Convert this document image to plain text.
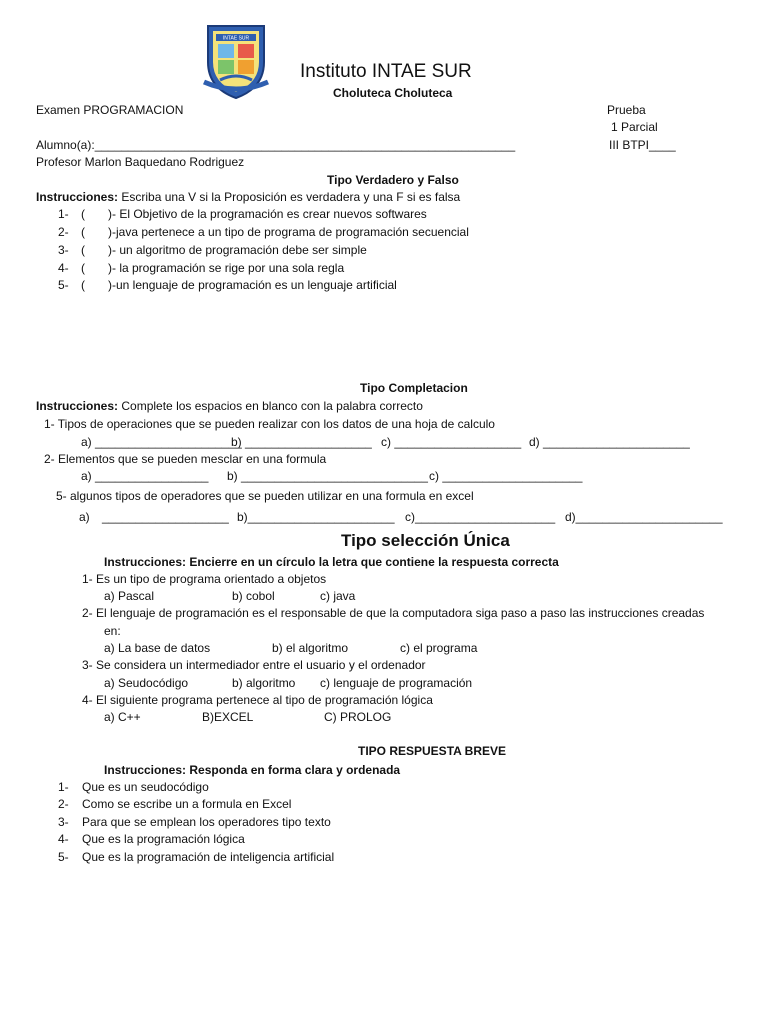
INTAE SUR
Instituto INTAE SUR
Choluteca Choluteca
Examen PROGRAMACION	Prueba
1 Parcial
Alumno(a):_______________________________________________________________	III BTPI____
Profesor Marlon Baquedano Rodriguez
Tipo Verdadero y Falso
Instrucciones: Escriba una V si la Proposición es verdadera y una F si es falsa
1- ( )- El Objetivo de la programación es crear nuevos softwares
2- ( )-java pertenece a un tipo de programa de programación secuencial
3- ( )- un algoritmo de programación debe ser simple
4- ( )- la programación se rige por una sola regla
5- ( )-un lenguaje de programación es un lenguaje artificial
Tipo Completacion
Instrucciones: Complete los espacios en blanco con la palabra correcto
1- Tipos de operaciones que se pueden realizar con los datos de una hoja de calculo
a) ______________________
b) ___________________ c) ___________________ d) ______________________
2- Elementos que se pueden mesclar en una formula
a) _________________ b) ____________________________ c) _____________________
5- algunos tipos de operadores que se pueden utilizar en una formula en excel
a) ___________________ b)______________________ c)_____________________ d)______________________
Tipo selección Única
Instrucciones: Encierre en un círculo la letra que contiene la respuesta correcta
1- Es un tipo de programa orientado a objetos
a) Pascal	b) cobol	c) java
2- El lenguaje de programación es el responsable de que la computadora siga paso a paso las instrucciones creadas
en:
a) La base de datos	b) el algoritmo	c) el programa
3- Se considera un intermediador entre el usuario y el ordenador
a) Seudocódigo	b) algoritmo c) lenguaje de programación
4- El siguiente programa pertenece al tipo de programación lógica
a) C++	B)EXCEL	C) PROLOG
TIPO RESPUESTA BREVE
Instrucciones: Responda en forma clara y ordenada
1- Que es un seudocódigo
2- Como se escribe un a formula en Excel
3- Para que se emplean los operadores tipo texto
4- Que es la programación lógica
5- Que es la programación de inteligencia artificial
